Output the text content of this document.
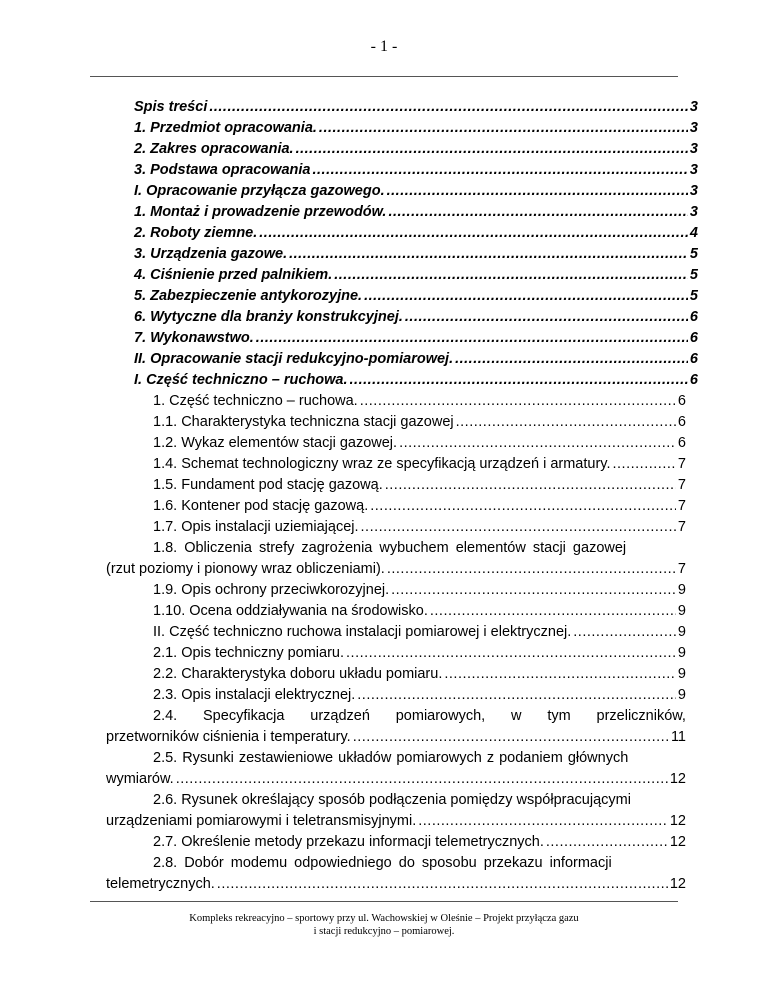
- 1 -
Spis treści .....	3
1. Przedmiot opracowania. .....	3
2. Zakres opracowania. .....	3
3. Podstawa opracowania .....	3
I. Opracowanie przyłącza gazowego. .....	3
1. Montaż i prowadzenie przewodów. .....	3
2. Roboty ziemne. .....	4
3. Urządzenia gazowe. .....	5
4. Ciśnienie przed palnikiem. .....	5
5. Zabezpieczenie antykorozyjne. .....	5
6. Wytyczne dla branży konstrukcyjnej. .....	6
7. Wykonawstwo. .....	6
II. Opracowanie stacji redukcyjno-pomiarowej. .....	6
I. Część techniczno – ruchowa. .....	6
1. Część techniczno – ruchowa. .....	6
1.1. Charakterystyka techniczna stacji gazowej .....	6
1.2. Wykaz elementów stacji gazowej. .....	6
1.4. Schemat technologiczny wraz ze specyfikacją urządzeń i armatury. .....	7
1.5. Fundament pod stację gazową. .....	7
1.6. Kontener pod stację gazową. .....	7
1.7. Opis instalacji uziemiającej. .....	7
1.8. Obliczenia strefy zagrożenia wybuchem elementów stacji gazowej
(rzut poziomy i pionowy wraz obliczeniami). .....	7
1.9. Opis ochrony przeciwkorozyjnej. .....	9
1.10. Ocena oddziaływania na środowisko. .....	9
II. Część techniczno ruchowa instalacji pomiarowej i elektrycznej. .....	9
2.1. Opis techniczny pomiaru. .....	9
2.2. Charakterystyka doboru układu pomiaru. .....	9
2.3. Opis instalacji elektrycznej. .....	9
2.4. Specyfikacja urządzeń pomiarowych, w tym przeliczników,
przetworników ciśnienia i temperatury. .....	11
2.5. Rysunki zestawieniowe układów pomiarowych z podaniem głównych
wymiarów. .....	12
2.6. Rysunek określający sposób podłączenia pomiędzy współpracującymi
urządzeniami pomiarowymi i teletransmisyjnymi. .....	12
2.7. Określenie metody przekazu informacji telemetrycznych. .....	12
2.8. Dobór modemu odpowiedniego do sposobu przekazu informacji
telemetrycznych. .....	12
Kompleks rekreacyjno – sportowy przy ul. Wachowskiej w Oleśnie – Projekt przyłącza gazu
i stacji redukcyjno – pomiarowej.
